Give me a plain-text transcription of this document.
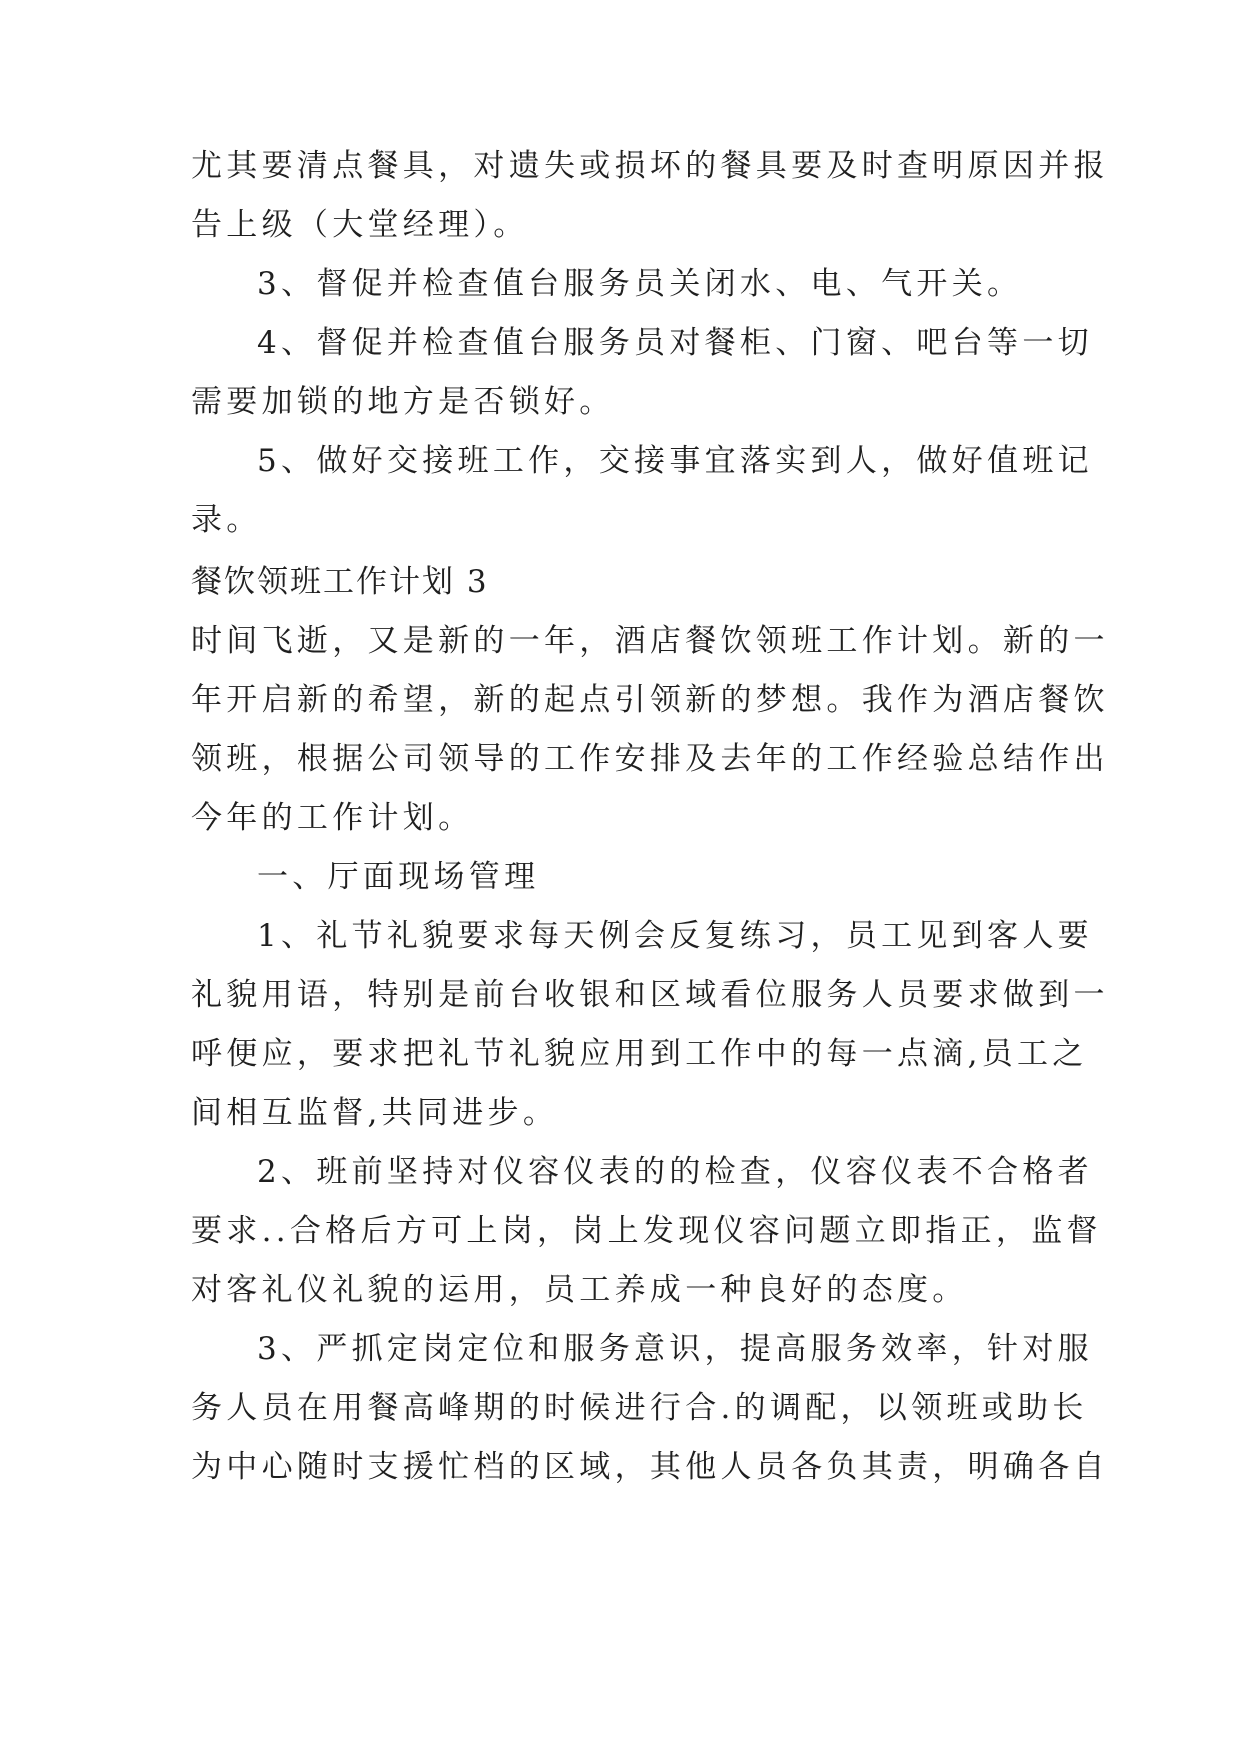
尤其要清点餐具，对遗失或损坏的餐具要及时查明原因并报
告上级（大堂经理）。
3、督促并检查值台服务员关闭水、电、气开关。
4、督促并检查值台服务员对餐柜、门窗、吧台等一切
需要加锁的地方是否锁好。
5、做好交接班工作，交接事宜落实到人，做好值班记
录。
餐饮领班工作计划 3
时间飞逝，又是新的一年，酒店餐饮领班工作计划。新的一
年开启新的希望，新的起点引领新的梦想。我作为酒店餐饮
领班，根据公司领导的工作安排及去年的工作经验总结作出
今年的工作计划。
一、厅面现场管理
1、礼节礼貌要求每天例会反复练习，员工见到客人要
礼貌用语，特别是前台收银和区域看位服务人员要求做到一
呼便应，要求把礼节礼貌应用到工作中的每一点滴,员工之
间相互监督,共同进步。
2、班前坚持对仪容仪表的的检查，仪容仪表不合格者
要求..合格后方可上岗，岗上发现仪容问题立即指正，监督
对客礼仪礼貌的运用，员工养成一种良好的态度。
3、严抓定岗定位和服务意识，提高服务效率，针对服
务人员在用餐高峰期的时候进行合.的调配，以领班或助长
为中心随时支援忙档的区域，其他人员各负其责，明确各自
